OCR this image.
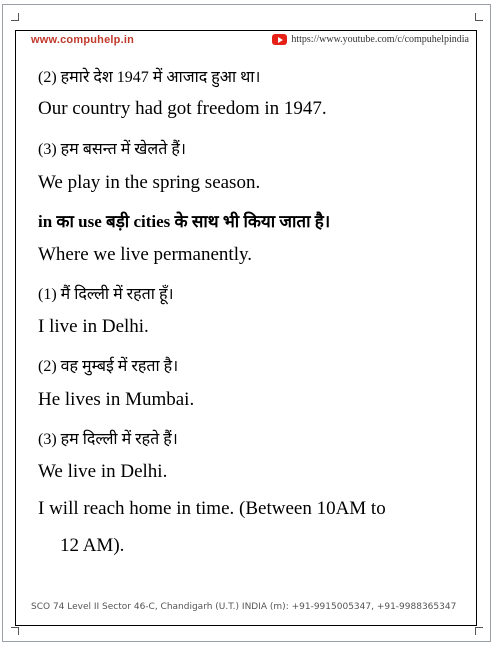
www.compuhelp.in	https://www.youtube.com/c/compuhelpindia
(2) हमारे देश 1947 में आजाद हुआ था।
Our country had got freedom in 1947.
(3) हम बसन्त में खेलते हैं।
We play in the spring season.
in का use बड़ी cities के साथ भी किया जाता है।
Where we live permanently.
(1) मैं दिल्ली में रहता हूँ।
I live in Delhi.
(2) वह मुम्बई में रहता है।
He lives in Mumbai.
(3) हम दिल्ली में रहते हैं।
We live in Delhi.
I will reach home in time. (Between 10AM to
12 AM).
SCO 74 Level II Sector 46-C, Chandigarh (U.T.) INDIA (m): +91-9915005347, +91-9988365347
